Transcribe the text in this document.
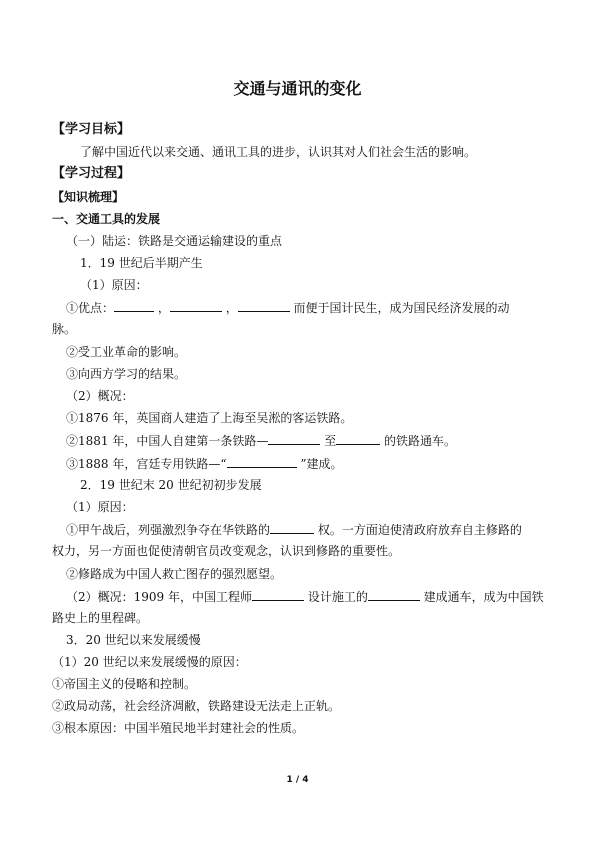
交通与通讯的变化
【学习目标】
了解中国近代以来交通、通讯工具的进步，认识其对人们社会生活的影响。
【学习过程】
【知识梳理】
一、交通工具的发展
（一）陆运：铁路是交通运输建设的重点
1．19 世纪后半期产生
（1）原因：
①优点：	，	，	而便于国计民生，成为国民经济发展的动
脉。
②受工业革命的影响。
③向西方学习的结果。
（2）概况：
①1876 年，英国商人建造了上海至吴淞的客运铁路。
②1881 年，中国人自建第一条铁路—	至	的铁路通车。
③1888 年，宫廷专用铁路—“	”建成。
2．19 世纪末 20 世纪初初步发展
（1）原因：
①甲午战后，列强激烈争夺在华铁路的	权。一方面迫使清政府放弃自主修路的
权力，另一方面也促使清朝官员改变观念，认识到修路的重要性。
②修路成为中国人救亡图存的强烈愿望。
（2）概况：1909 年，中国工程师	设计施工的	建成通车，成为中国铁
路史上的里程碑。
3．20 世纪以来发展缓慢
（1）20 世纪以来发展缓慢的原因：
①帝国主义的侵略和控制。
②政局动荡，社会经济凋敝，铁路建设无法走上正轨。
③根本原因：中国半殖民地半封建社会的性质。
1 / 4
